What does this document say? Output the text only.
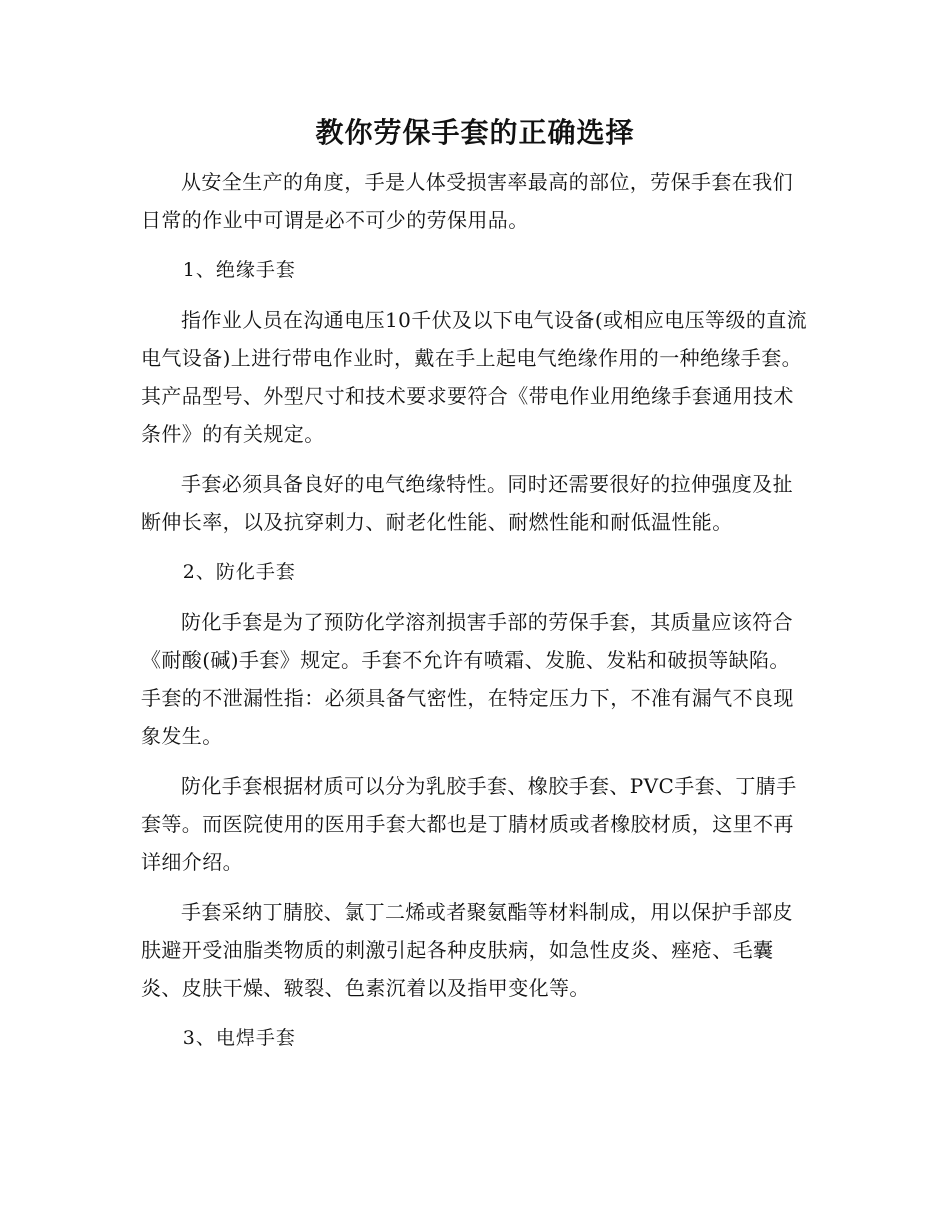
教你劳保手套的正确选择

从安全生产的角度，手是人体受损害率最高的部位，劳保手套在我们日常的作业中可谓是必不可少的劳保用品。

1、绝缘手套

指作业人员在沟通电压10千伏及以下电气设备(或相应电压等级的直流电气设备)上进行带电作业时，戴在手上起电气绝缘作用的一种绝缘手套。其产品型号、外型尺寸和技术要求要符合《带电作业用绝缘手套通用技术条件》的有关规定。

手套必须具备良好的电气绝缘特性。同时还需要很好的拉伸强度及扯断伸长率，以及抗穿刺力、耐老化性能、耐燃性能和耐低温性能。

2、防化手套

防化手套是为了预防化学溶剂损害手部的劳保手套，其质量应该符合《耐酸(碱)手套》规定。手套不允许有喷霜、发脆、发粘和破损等缺陷。手套的不泄漏性指：必须具备气密性，在特定压力下，不准有漏气不良现象发生。

防化手套根据材质可以分为乳胶手套、橡胶手套、PVC手套、丁腈手套等。而医院使用的医用手套大都也是丁腈材质或者橡胶材质，这里不再详细介绍。

手套采纳丁腈胶、氯丁二烯或者聚氨酯等材料制成，用以保护手部皮肤避开受油脂类物质的刺激引起各种皮肤病，如急性皮炎、痤疮、毛囊炎、皮肤干燥、皲裂、色素沉着以及指甲变化等。

3、电焊手套
